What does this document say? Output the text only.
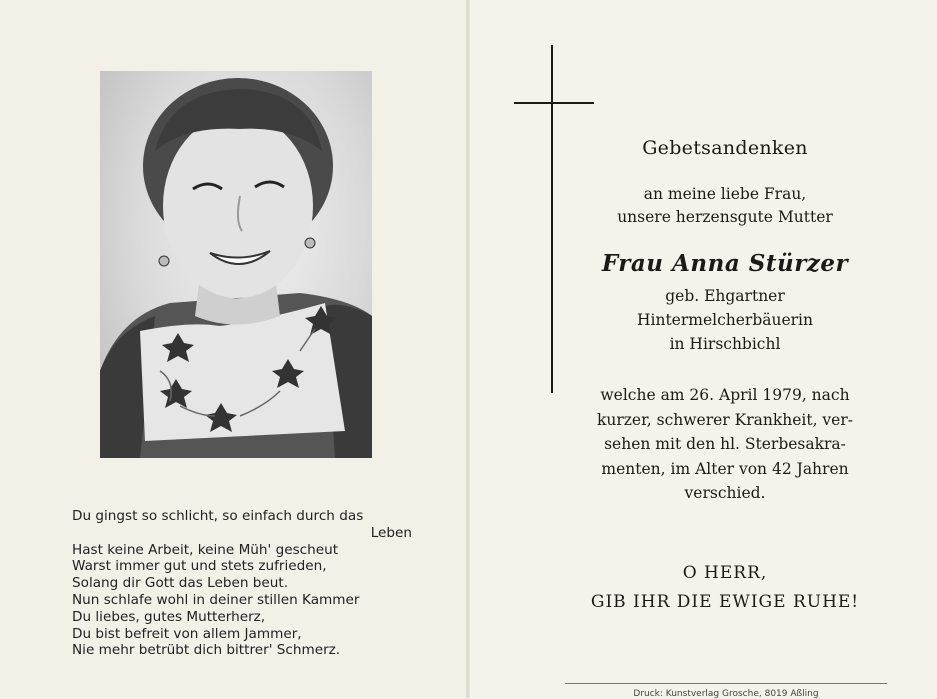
Du gingst so schlicht, so einfach durch das
Leben
Hast keine Arbeit, keine Müh' gescheut
Warst immer gut und stets zufrieden,
Solang dir Gott das Leben beut.
Nun schlafe wohl in deiner stillen Kammer
Du liebes, gutes Mutterherz,
Du bist befreit von allem Jammer,
Nie mehr betrübt dich bittrer' Schmerz.
Gebetsandenken
an meine liebe Frau,
unsere herzensgute Mutter
Frau Anna Stürzer
geb. Ehgartner
Hintermelcherbäuerin
in Hirschbichl
welche am 26. April 1979, nach
kurzer, schwerer Krankheit, ver-
sehen mit den hl. Sterbesakra-
menten, im Alter von 42 Jahren
verschied.
O HERR,
GIB IHR DIE EWIGE RUHE!
Druck: Kunstverlag Grosche, 8019 Aßling
